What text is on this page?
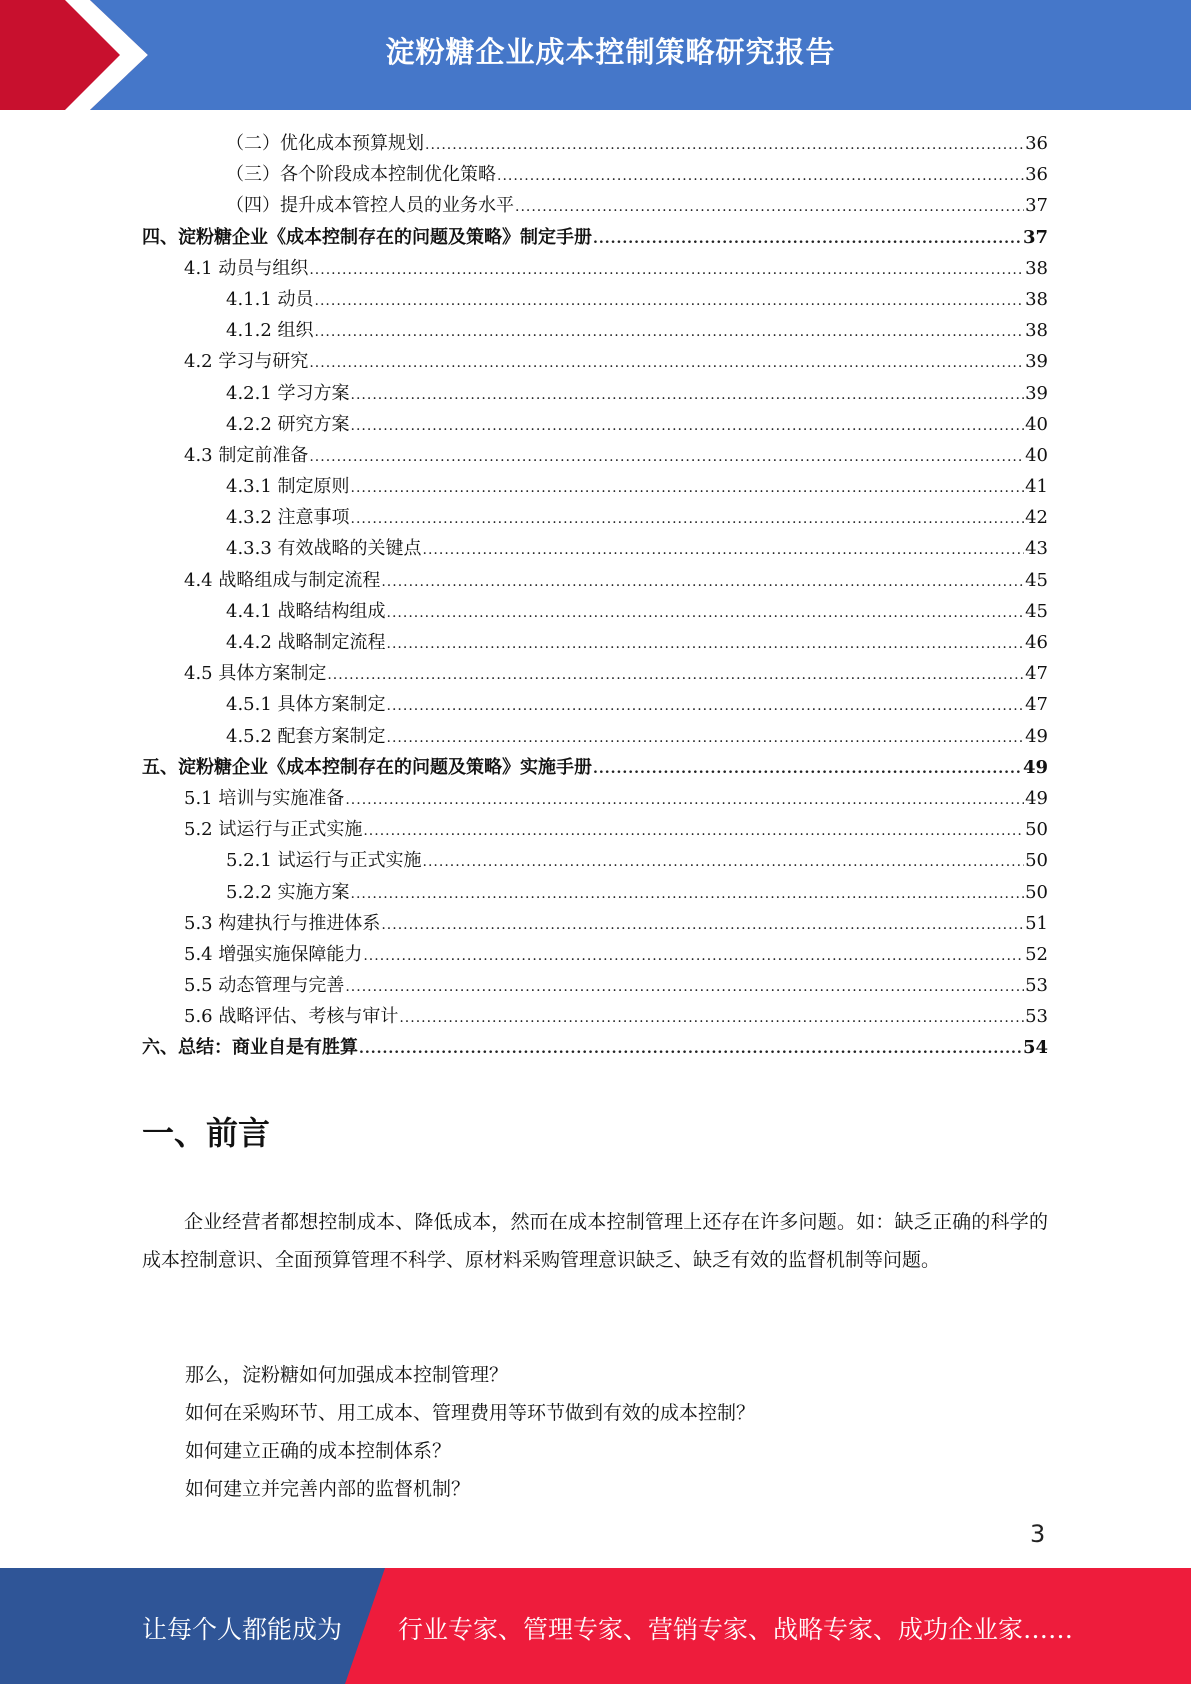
淀粉糖企业成本控制策略研究报告
（二）优化成本预算规划 .....	36
（三）各个阶段成本控制优化策略 .....	36
（四）提升成本管控人员的业务水平 .....	37
四、淀粉糖企业《成本控制存在的问题及策略》制定手册 .....	37
4.1 动员与组织 .....	38
4.1.1 动员 .....	38
4.1.2 组织 .....	38
4.2 学习与研究 .....	39
4.2.1 学习方案 .....	39
4.2.2 研究方案 .....	40
4.3 制定前准备 .....	40
4.3.1 制定原则 .....	41
4.3.2 注意事项 .....	42
4.3.3 有效战略的关键点 .....	43
4.4 战略组成与制定流程 .....	45
4.4.1 战略结构组成 .....	45
4.4.2 战略制定流程 .....	46
4.5 具体方案制定 .....	47
4.5.1 具体方案制定 .....	47
4.5.2 配套方案制定 .....	49
五、淀粉糖企业《成本控制存在的问题及策略》实施手册 .....	49
5.1 培训与实施准备 .....	49
5.2 试运行与正式实施 .....	50
5.2.1 试运行与正式实施 .....	50
5.2.2 实施方案 .....	50
5.3 构建执行与推进体系 .....	51
5.4 增强实施保障能力 .....	52
5.5 动态管理与完善 .....	53
5.6 战略评估、考核与审计 .....	53
六、总结：商业自是有胜算 .....	54
一、前言
企业经营者都想控制成本、降低成本，然而在成本控制管理上还存在许多问题。如：缺乏正确的科学的成本控制意识、全面预算管理不科学、原材料采购管理意识缺乏、缺乏有效的监督机制等问题。
那么，淀粉糖如何加强成本控制管理？
如何在采购环节、用工成本、管理费用等环节做到有效的成本控制？
如何建立正确的成本控制体系？
如何建立并完善内部的监督机制？
3
让每个人都能成为 行业专家、管理专家、营销专家、战略专家、成功企业家……
